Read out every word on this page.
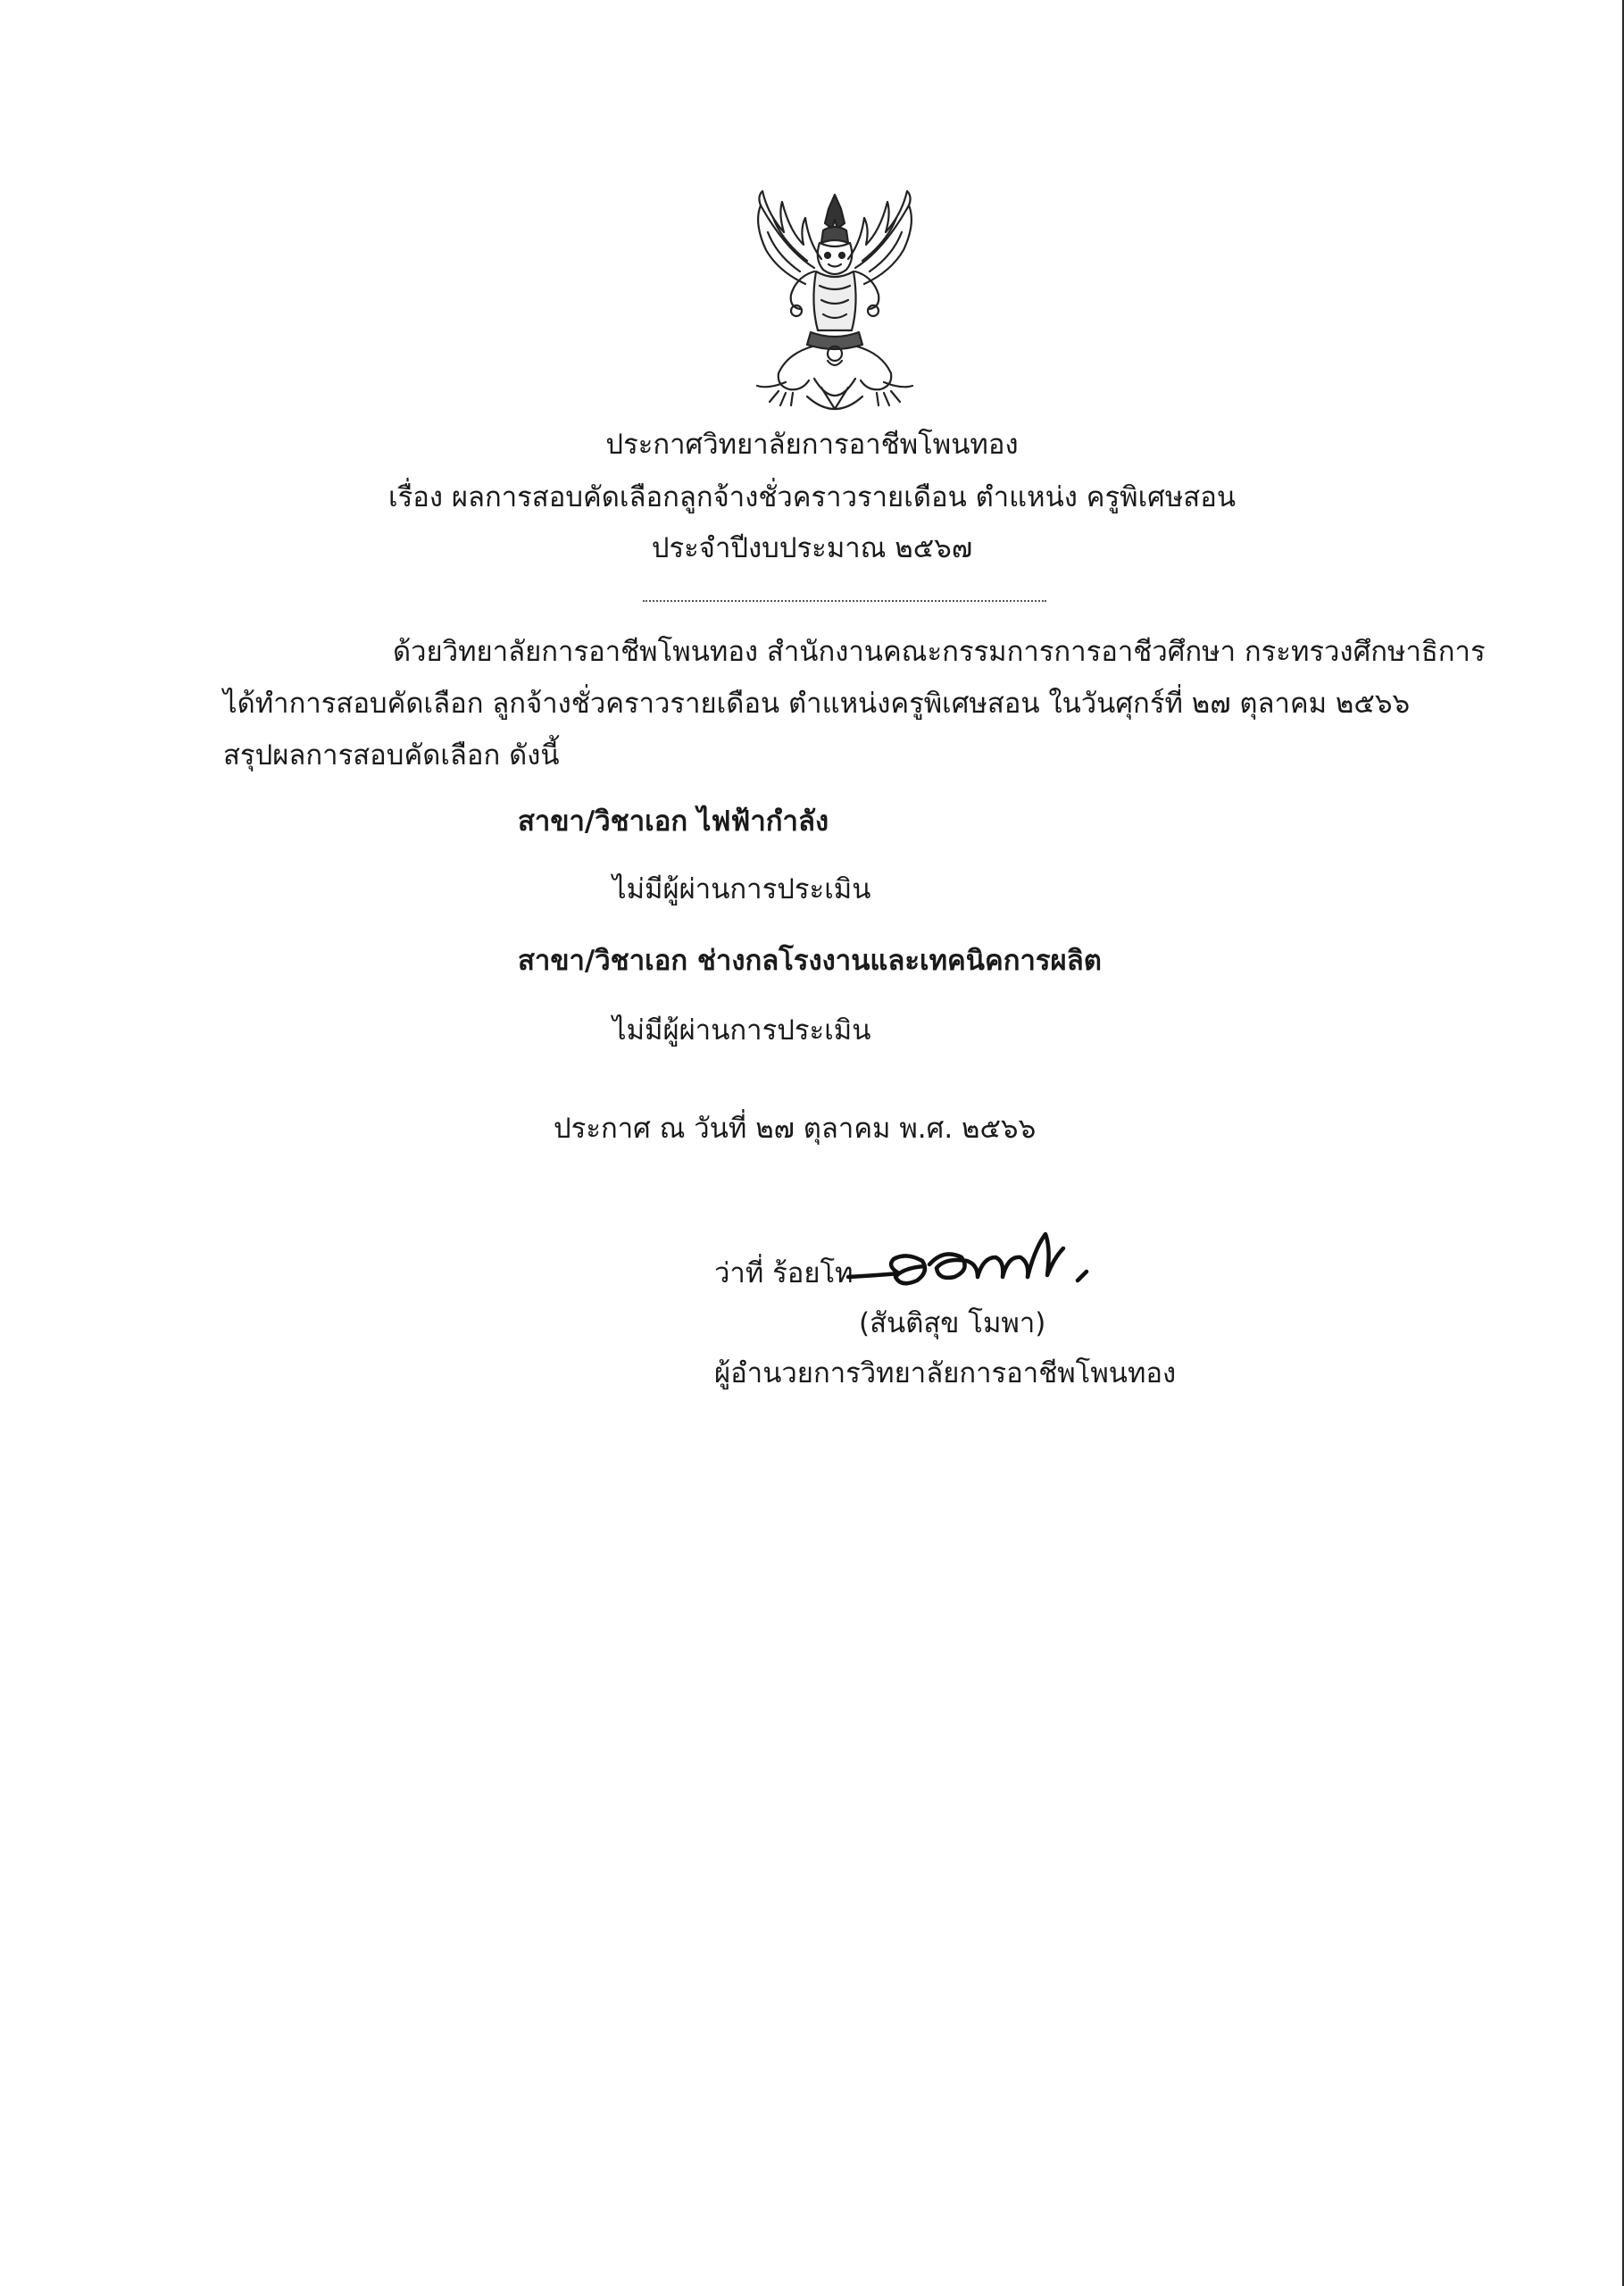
ประกาศวิทยาลัยการอาชีพโพนทอง
เรื่อง ผลการสอบคัดเลือกลูกจ้างชั่วคราวรายเดือน ตำแหน่ง ครูพิเศษสอน
ประจำปีงบประมาณ ๒๕๖๗
ด้วยวิทยาลัยการอาชีพโพนทอง สำนักงานคณะกรรมการการอาชีวศึกษา กระทรวงศึกษาธิการ
ได้ทำการสอบคัดเลือก ลูกจ้างชั่วคราวรายเดือน ตำแหน่งครูพิเศษสอน ในวันศุกร์ที่ ๒๗ ตุลาคม ๒๕๖๖
สรุปผลการสอบคัดเลือก ดังนี้
สาขา/วิชาเอก ไฟฟ้ากำลัง
ไม่มีผู้ผ่านการประเมิน
สาขา/วิชาเอก ช่างกลโรงงานและเทคนิคการผลิต
ไม่มีผู้ผ่านการประเมิน
ประกาศ ณ วันที่ ๒๗ ตุลาคม พ.ศ. ๒๕๖๖
ว่าที่ ร้อยโท
(สันติสุข โมพา)
ผู้อำนวยการวิทยาลัยการอาชีพโพนทอง
